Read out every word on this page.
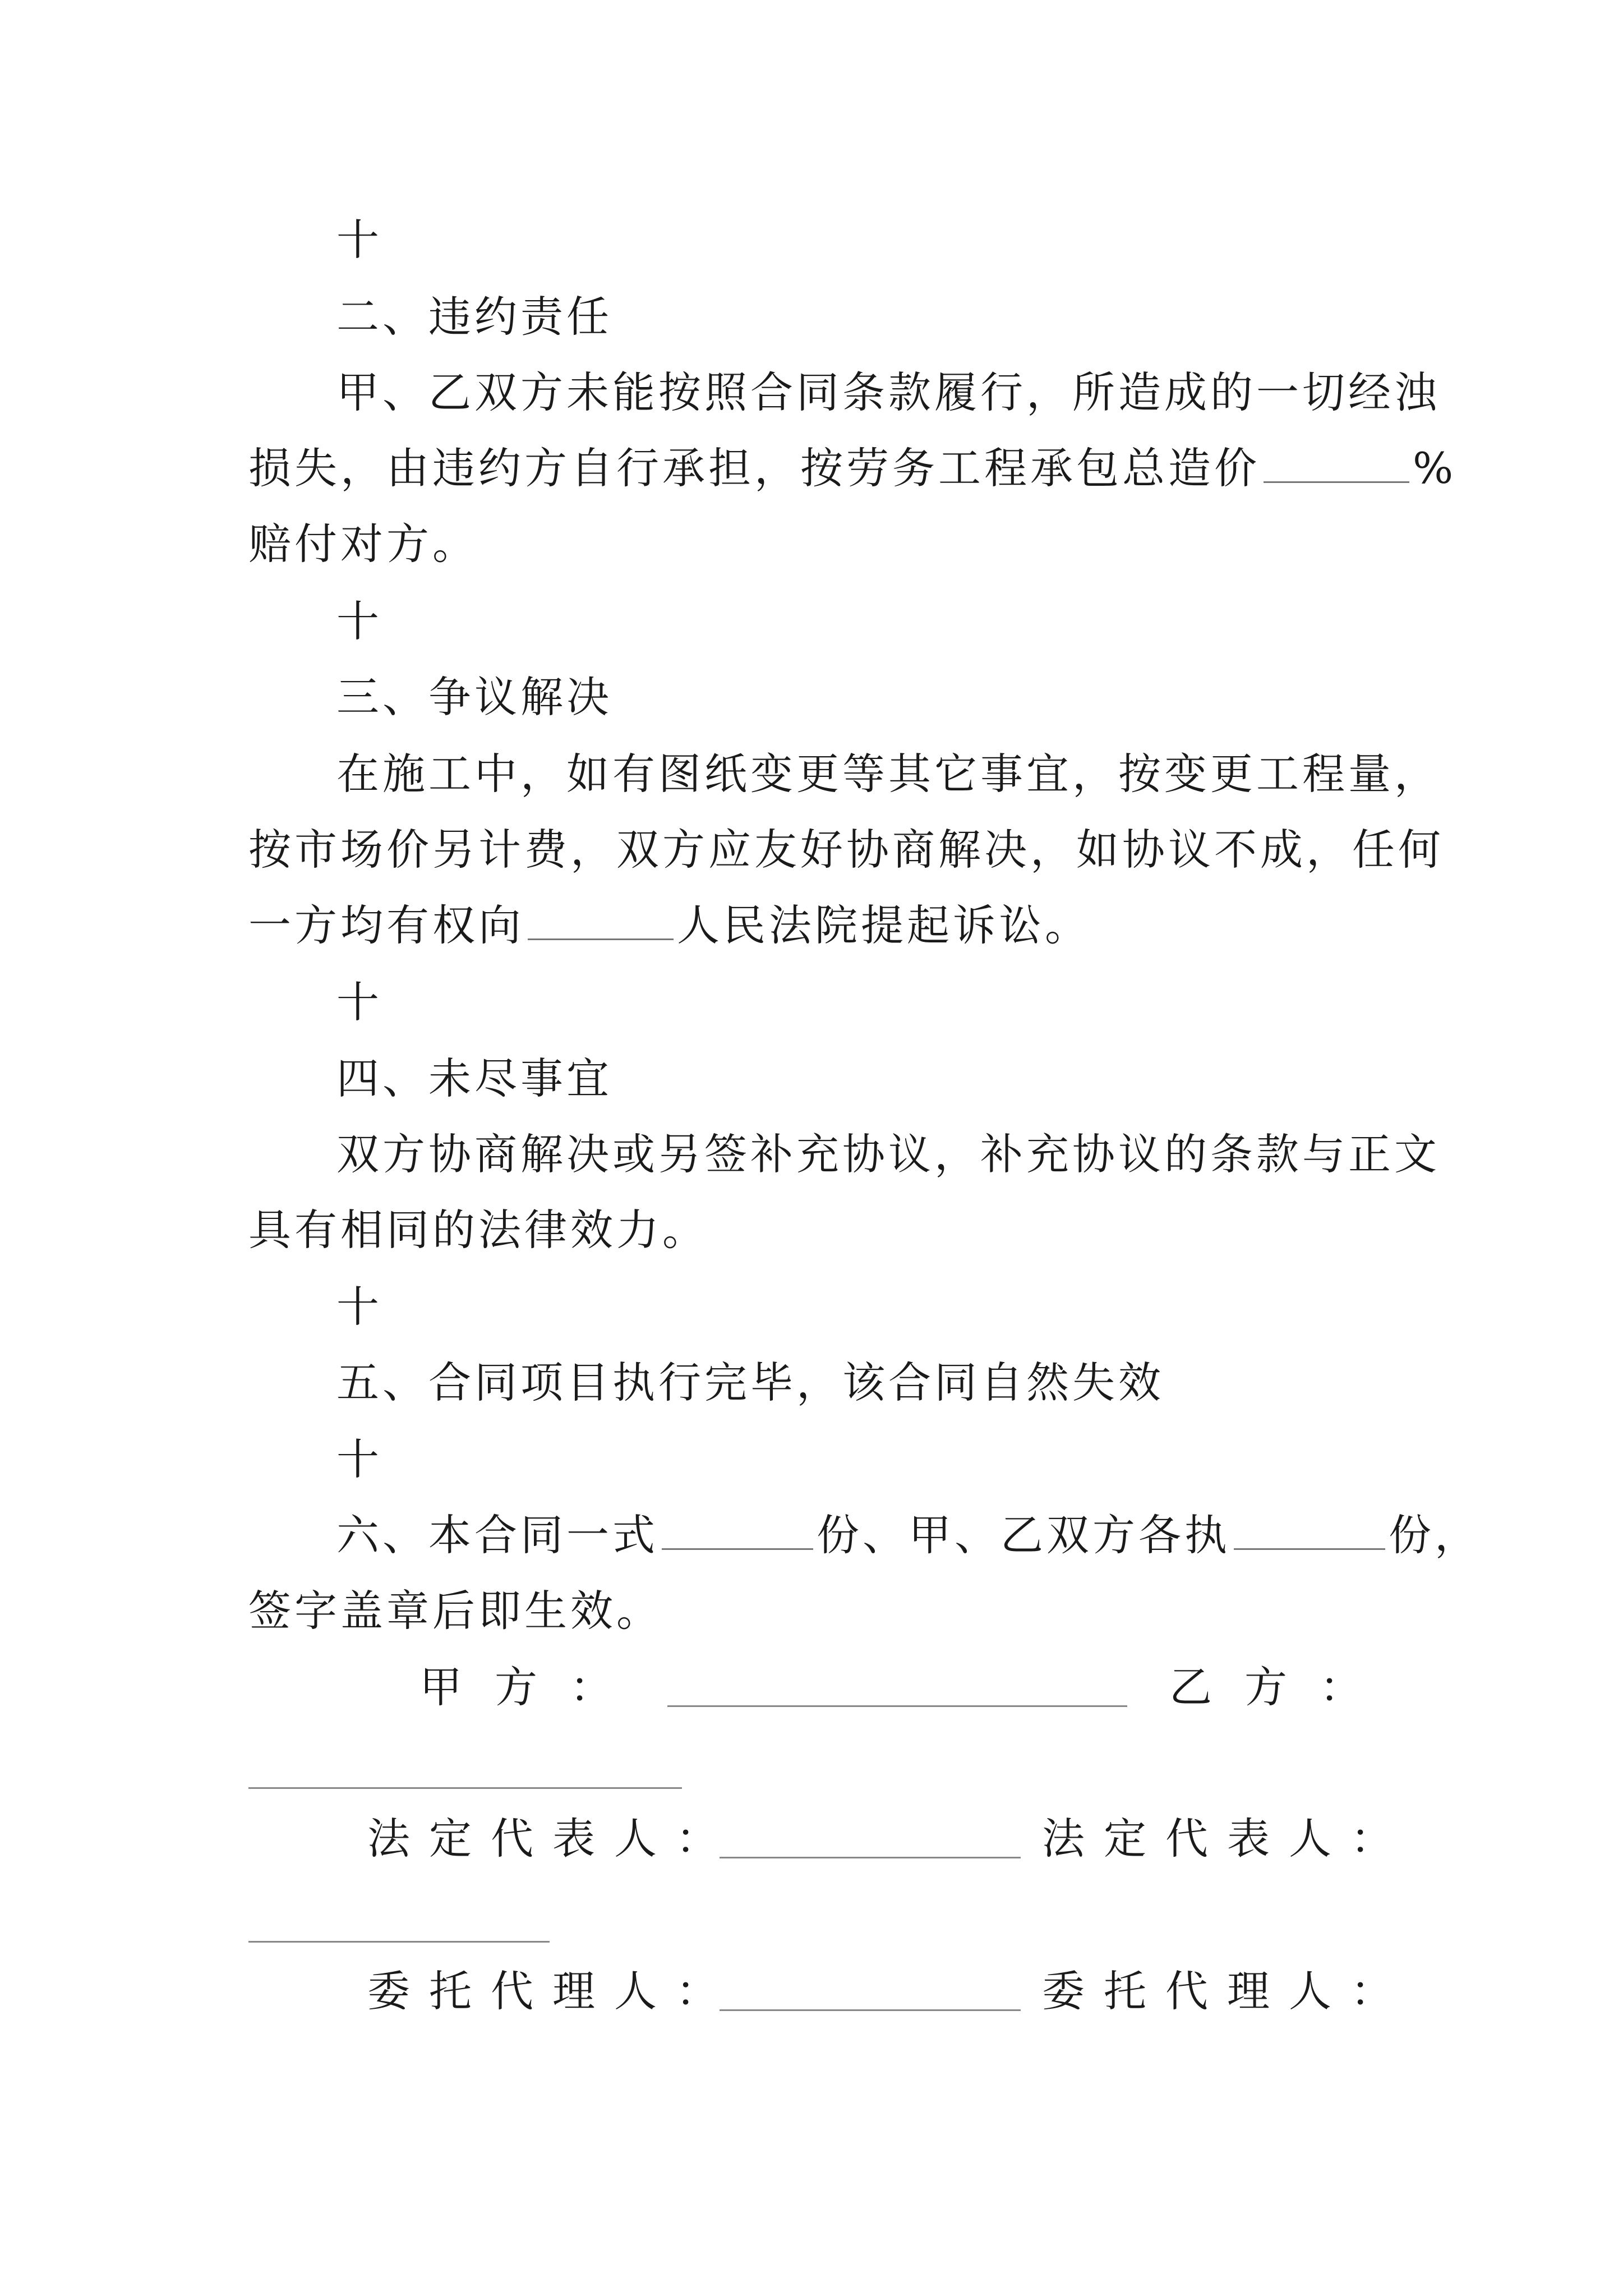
十

二、违约责任

甲、乙双方未能按照合同条款履行，所造成的一切经浊

损失，由违约方自行承担，按劳务工程承包总造价	%

赔付对方。

十

三、争议解决

在施工中，如有图纸变更等其它事宜，按变更工程量，

按市场价另计费，双方应友好协商解决，如协议不成，任何

一方均有权向	人民法院提起诉讼。

十

四、未尽事宜

双方协商解决或另签补充协议，补充协议的条款与正文

具有相同的法律效力。

十

五、合同项目执行完毕，该合同自然失效

十

六、本合同一式	份、甲、乙双方各执	份，

签字盖章后即生效。

甲方：	乙方：

法定代表人：	法定代表人：

委托代理人：	委托代理人：
